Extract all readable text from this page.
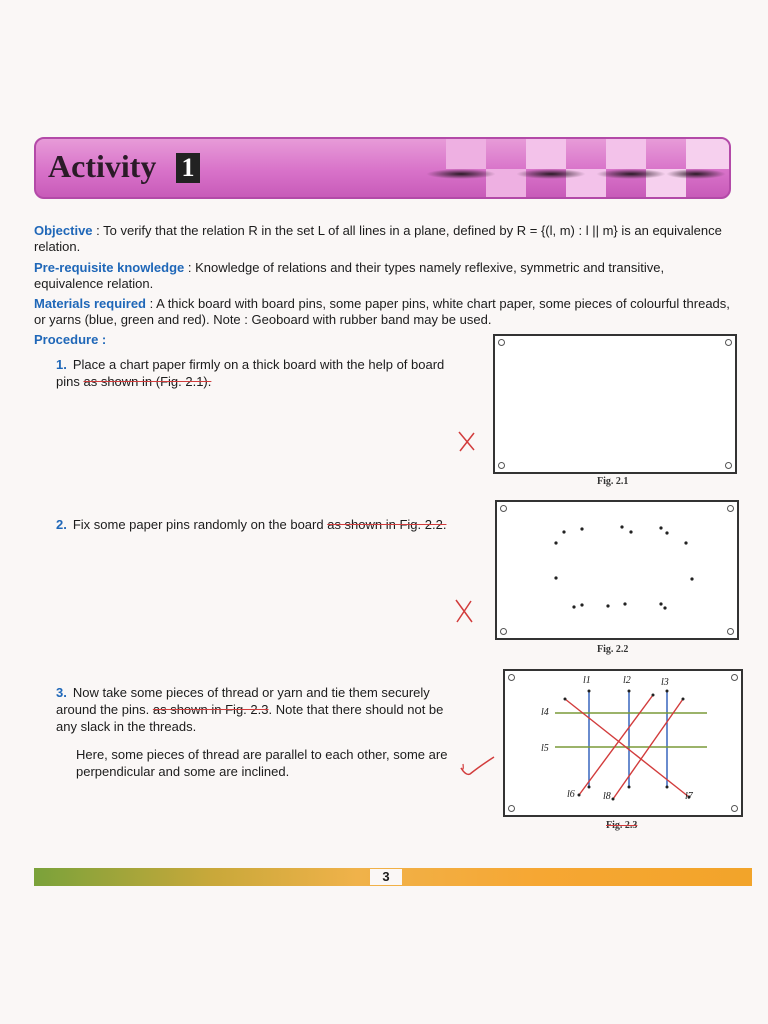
Activity 1
Objective : To verify that the relation R in the set L of all lines in a plane, defined by R = {(l, m) : l || m} is an equivalence relation.
Pre-requisite knowledge : Knowledge of relations and their types namely reflexive, symmetric and transitive, equivalence relation.
Materials required : A thick board with board pins, some paper pins, white chart paper, some pieces of colourful threads, or yarns (blue, green and red). Note : Geoboard with rubber band may be used.
Procedure :
1. Place a chart paper firmly on a thick board with the help of board pins as shown in (Fig. 2.1).
2. Fix some paper pins randomly on the board as shown in Fig. 2.2.
3. Now take some pieces of thread or yarn and tie them securely around the pins. as shown in Fig. 2.3. Note that there should not be any slack in the threads.
Here, some pieces of thread are parallel to each other, some are perpendicular and some are inclined.
Fig. 2.1
Fig. 2.2
l1	l2	l3
l4
l5
l6	l7
l8
Fig. 2.3
3
